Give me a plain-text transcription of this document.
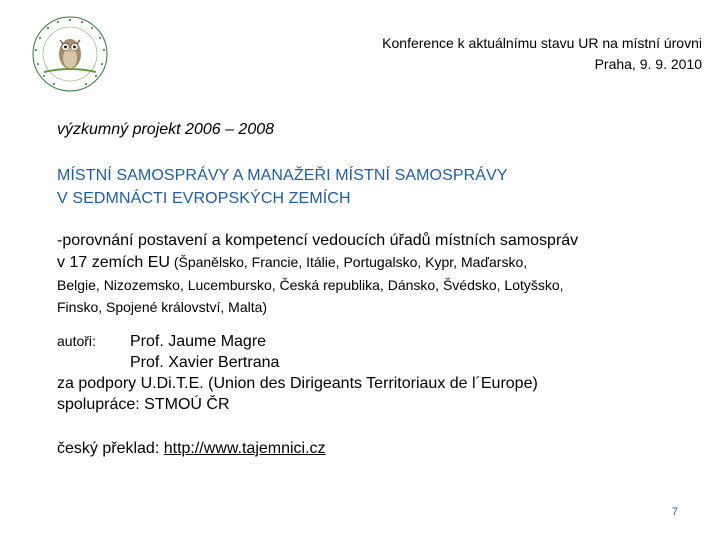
Konference k aktuálnímu stavu UR na místní úrovni
Praha, 9. 9. 2010
výzkumný projekt 2006 – 2008
MÍSTNÍ SAMOSPRÁVY A MANAŽEŘI MÍSTNÍ SAMOSPRÁVY
V SEDMNÁCTI EVROPSKÝCH ZEMÍCH
-porovnání postavení a kompetencí vedoucích úřadů místních samospráv
v 17 zemích EU (Španělsko, Francie, Itálie, Portugalsko, Kypr, Maďarsko,
Belgie, Nizozemsko, Lucembursko, Česká republika, Dánsko, Švédsko, Lotyšsko,
Finsko, Spojené království, Malta)
autoři: Prof. Jaume Magre
Prof. Xavier Bertrana
za podpory U.Di.T.E. (Union des Dirigeants Territoriaux de l´Europe)
spolupráce: STMOÚ ČR
český překlad: http://www.tajemnici.cz
7
